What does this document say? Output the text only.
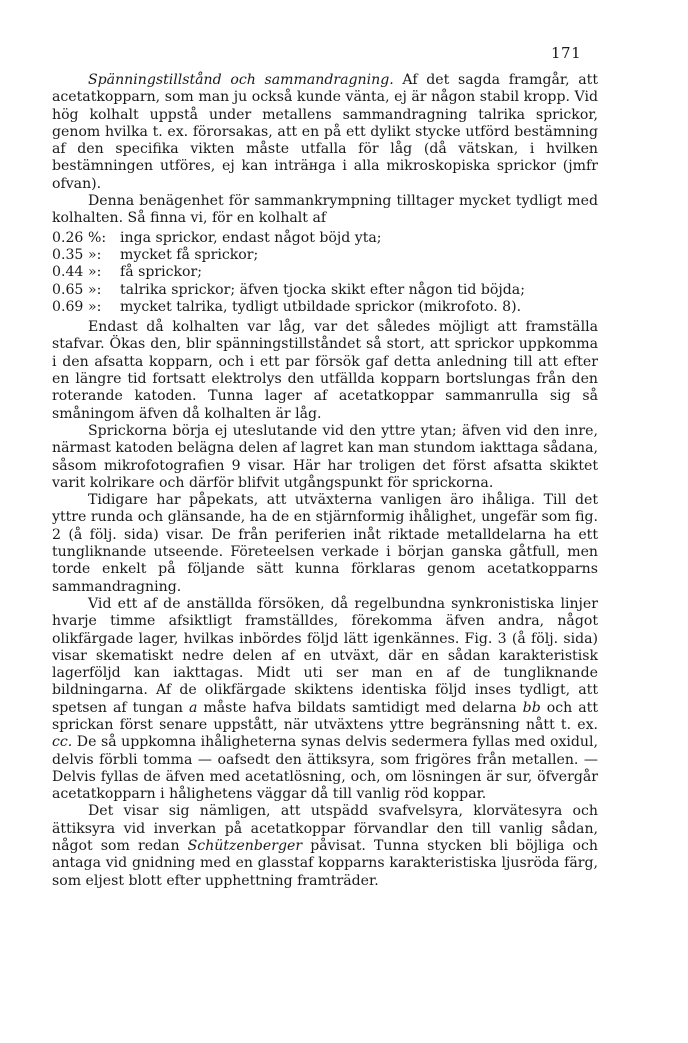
171

Spänningstillstånd och sammandragning. Af det sagda framgår, att acetatkopparn, som man ju också kunde vänta, ej är någon stabil kropp. Vid hög kolhalt uppstå under metallens sammandragning talrika sprickor, genom hvilka t. ex. förorsakas, att en på ett dylikt stycke utförd bestämning af den specifika vikten måste utfalla för låg (då vätskan, i hvilken bestämningen utföres, ej kan inträнga i alla mikroskopiska sprickor (jmfr ofvan).

Denna benägenhet för sammankrympning tilltager mycket tydligt med kolhalten. Så finna vi, för en kolhalt af

0.26 %: inga sprickor, endast något böjd yta;
0.35 »:	mycket få sprickor;
0.44 »:	få sprickor;
0.65 »:	talrika sprickor; äfven tjocka skikt efter någon tid böjda;
0.69 »:	mycket talrika, tydligt utbildade sprickor (mikrofoto. 8).

Endast då kolhalten var låg, var det således möjligt att framställa stafvar. Ökas den, blir spänningstillståndet så stort, att sprickor uppkomma i den afsatta kopparn, och i ett par försök gaf detta anledning till att efter en längre tid fortsatt elektrolys den utfällda kopparn bortslungas från den roterande katoden. Tunna lager af acetatkoppar sammanrulla sig så småningom äfven då kolhalten är låg.

Sprickorna börja ej uteslutande vid den yttre ytan; äfven vid den inre, närmast katoden belägna delen af lagret kan man stundom iakttaga sådana, såsom mikrofotografien 9 visar. Här har troligen det först afsatta skiktet varit kolrikare och därför blifvit utgångspunkt för sprickorna.

Tidigare har påpekats, att utväxterna vanligen äro ihåliga. Till det yttre runda och glänsande, ha de en stjärnformig ihålighet, ungefär som fig. 2 (å följ. sida) visar. De från periferien inåt riktade metalldelarna ha ett tungliknande utseende. Företeelsen verkade i början ganska gåtfull, men torde enkelt på följande sätt kunna förklaras genom acetatkopparns sammandragning.

Vid ett af de anställda försöken, då regelbundna synkronistiska linjer hvarje timme afsiktligt framställdes, förekomma äfven andra, något olikfärgade lager, hvilkas inbördes följd lätt igenkännes. Fig. 3 (å följ. sida) visar skematiskt nedre delen af en utväxt, där en sådan karakteristisk lagerföljd kan iakttagas. Midt uti ser man en af de tungliknande bildningarna. Af de olikfärgade skiktens identiska följd inses tydligt, att spetsen af tungan a måste hafva bildats samtidigt med delarna bb och att sprickan först senare uppstått, när utväxtens yttre begränsning nått t. ex. cc. De så uppkomna ihåligheterna synas delvis sedermera fyllas med oxidul, delvis förbli tomma — oafsedt den ättiksyra, som frigöres från metallen. — Delvis fyllas de äfven med acetatlösning, och, om lösningen är sur, öfvergår acetatkopparn i hålighetens väggar då till vanlig röd koppar.

Det visar sig nämligen, att utspädd svafvelsyra, klorvätesyra och ättiksyra vid inverkan på acetatkoppar förvandlar den till vanlig sådan, något som redan Schützenberger påvisat. Tunna stycken bli böjliga och antaga vid gnidning med en glasstaf kopparns karakteristiska ljusröda färg, som eljest blott efter upphettning framträder.
